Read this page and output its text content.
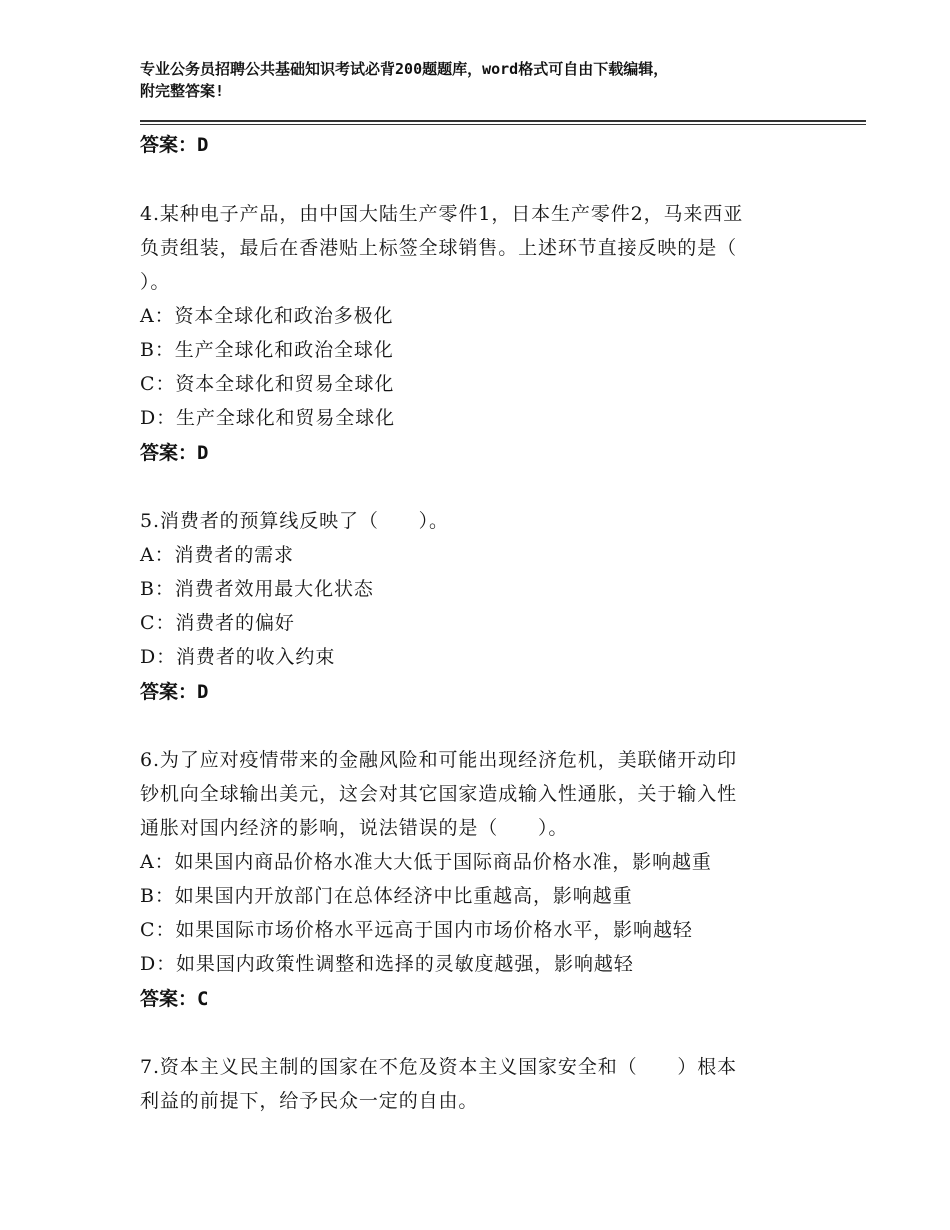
专业公务员招聘公共基础知识考试必背200题题库，word格式可自由下载编辑，
附完整答案!
答案：D
4.某种电子产品，由中国大陆生产零件1，日本生产零件2，马来西亚
负责组装，最后在香港贴上标签全球销售。上述环节直接反映的是（
）。
A：资本全球化和政治多极化
B：生产全球化和政治全球化
C：资本全球化和贸易全球化
D：生产全球化和贸易全球化
答案：D
5.消费者的预算线反映了（　　）。
A：消费者的需求
B：消费者效用最大化状态
C：消费者的偏好
D：消费者的收入约束
答案：D
6.为了应对疫情带来的金融风险和可能出现经济危机，美联储开动印
钞机向全球输出美元，这会对其它国家造成输入性通胀，关于输入性
通胀对国内经济的影响，说法错误的是（　　）。
A：如果国内商品价格水准大大低于国际商品价格水准，影响越重
B：如果国内开放部门在总体经济中比重越高，影响越重
C：如果国际市场价格水平远高于国内市场价格水平，影响越轻
D：如果国内政策性调整和选择的灵敏度越强，影响越轻
答案：C
7.资本主义民主制的国家在不危及资本主义国家安全和（　　）根本
利益的前提下，给予民众一定的自由。
